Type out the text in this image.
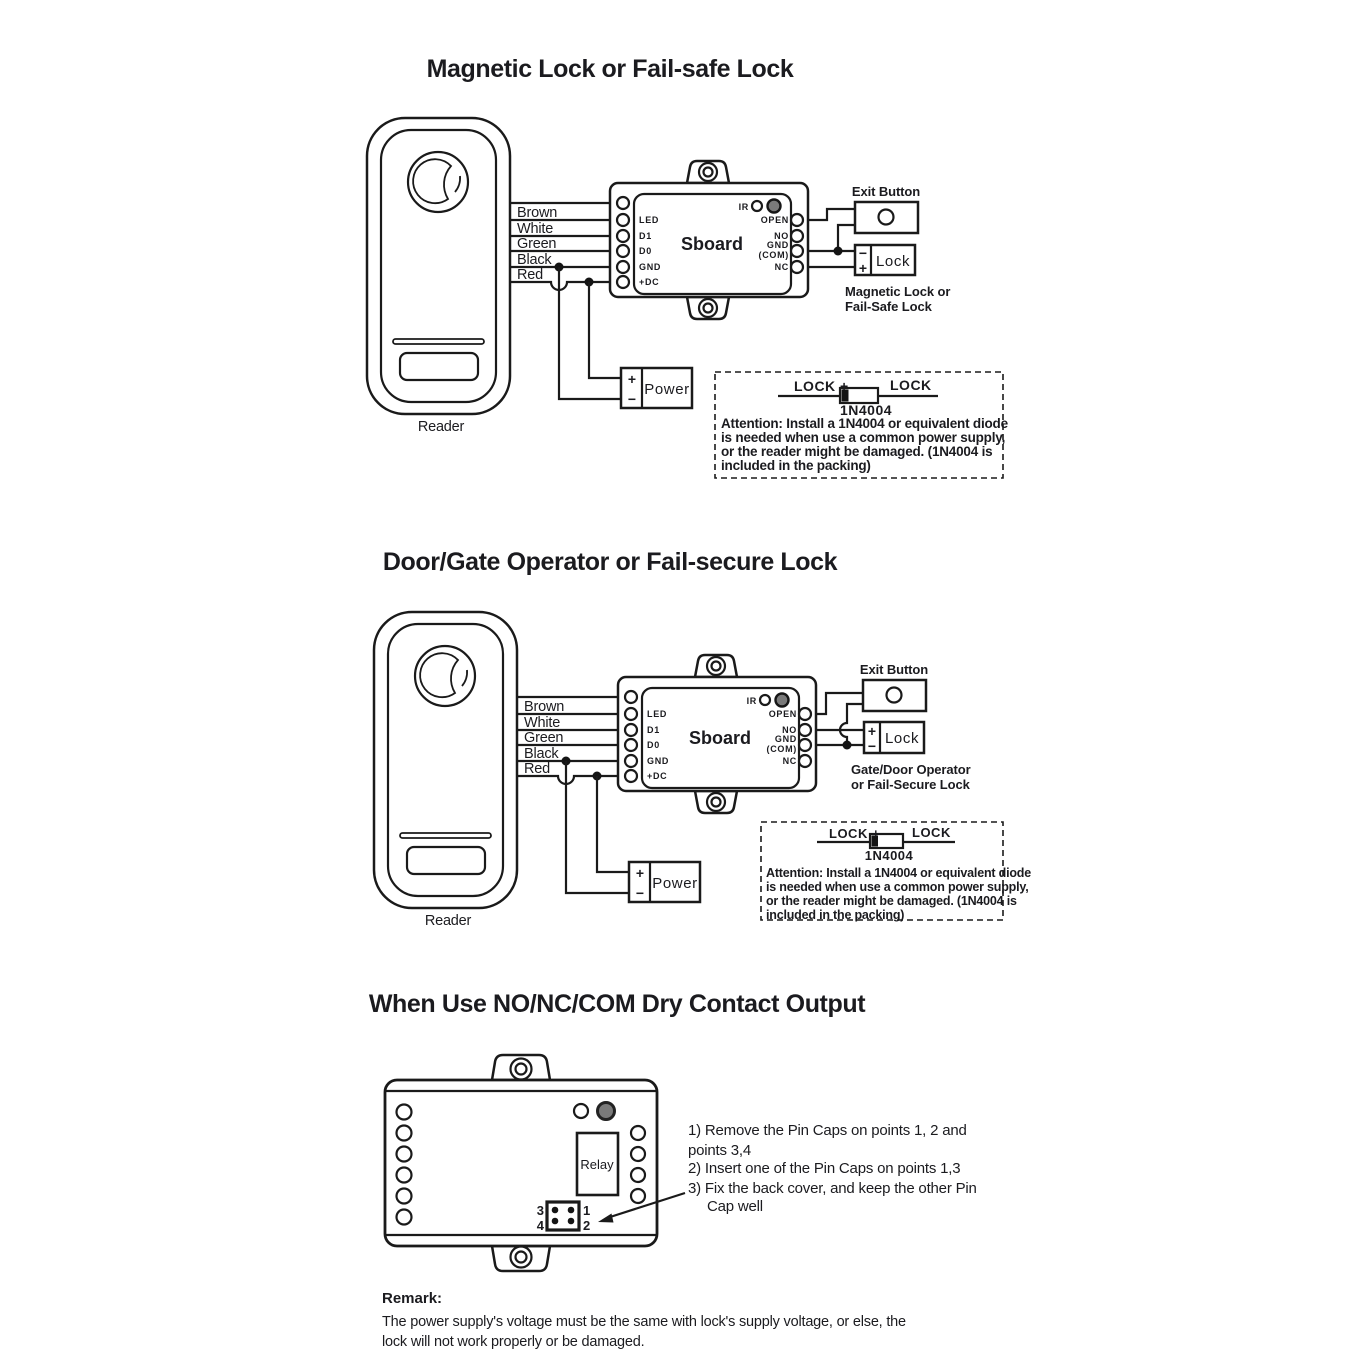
Magnetic Lock or Fail-safe Lock
Reader
Brown
White
Green
Black
Red
+
−
Power
LED
D1
D0
GND
+DC
Sboard
IR
OPEN
NO
GND
(COM)
NC
Exit Button
−
+ Lock
Magnetic Lock or
Fail-Safe Lock
LOCK +	LOCK
1N4004
Attention: Install a 1N4004 or equivalent diode
is needed when use a common power supply,
or the reader might be damaged. (1N4004 is
included in the packing)
Door/Gate Operator or Fail-secure Lock
Reader
Brown
White
Green
Black
Red
+
−
Power
LED
D1
D0
GND
+DC
Sboard
IR
OPEN
NO
GND
(COM)
NC
Exit Button
+
− Lock
Gate/Door Operator
or Fail-Secure Lock
LOCK + LOCK
1N4004
Attention: Install a 1N4004 or equivalent diode
is needed when use a common power supply,
or the reader might be damaged. (1N4004 is
included in the packing)
When Use NO/NC/COM Dry Contact Output
Relay
3
4
1
2
1) Remove the Pin Caps on points 1, 2 and
points 3,4
2) Insert one of the Pin Caps on points 1,3
3) Fix the back cover, and keep the other Pin
Cap well
Remark:
The power supply's voltage must be the same with lock's supply voltage, or else, the
lock will not work properly or be damaged.
